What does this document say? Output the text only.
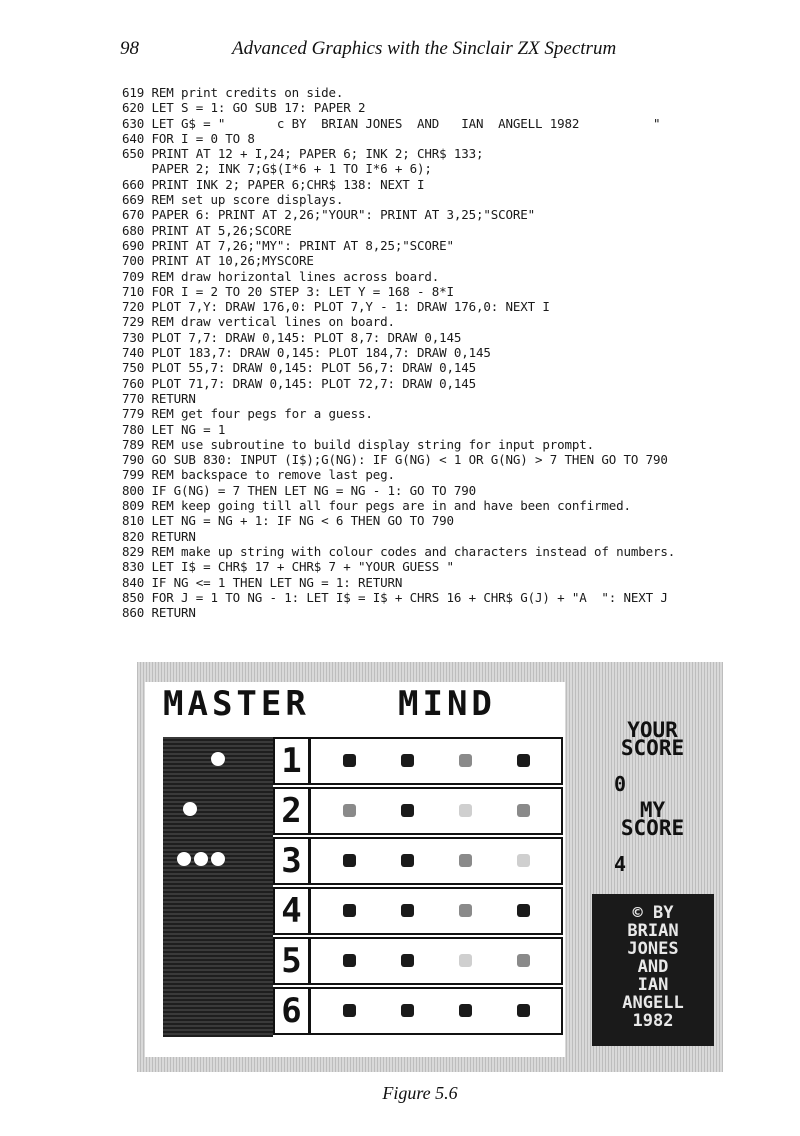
98	Advanced Graphics with the Sinclair ZX Spectrum
619 REM print credits on side.
620 LET S = 1: GO SUB 17: PAPER 2
630 LET G$ = "       c BY  BRIAN JONES  AND   IAN  ANGELL 1982          "
640 FOR I = 0 TO 8
650 PRINT AT 12 + I,24; PAPER 6; INK 2; CHR$ 133;
PAPER 2; INK 7;G$(I*6 + 1 TO I*6 + 6);
660 PRINT INK 2; PAPER 6;CHR$ 138: NEXT I
669 REM set up score displays.
670 PAPER 6: PRINT AT 2,26;"YOUR": PRINT AT 3,25;"SCORE"
680 PRINT AT 5,26;SCORE
690 PRINT AT 7,26;"MY": PRINT AT 8,25;"SCORE"
700 PRINT AT 10,26;MYSCORE
709 REM draw horizontal lines across board.
710 FOR I = 2 TO 20 STEP 3: LET Y = 168 - 8*I
720 PLOT 7,Y: DRAW 176,0: PLOT 7,Y - 1: DRAW 176,0: NEXT I
729 REM draw vertical lines on board.
730 PLOT 7,7: DRAW 0,145: PLOT 8,7: DRAW 0,145
740 PLOT 183,7: DRAW 0,145: PLOT 184,7: DRAW 0,145
750 PLOT 55,7: DRAW 0,145: PLOT 56,7: DRAW 0,145
760 PLOT 71,7: DRAW 0,145: PLOT 72,7: DRAW 0,145
770 RETURN
779 REM get four pegs for a guess.
780 LET NG = 1
789 REM use subroutine to build display string for input prompt.
790 GO SUB 830: INPUT (I$);G(NG): IF G(NG) < 1 OR G(NG) > 7 THEN GO TO 790
799 REM backspace to remove last peg.
800 IF G(NG) = 7 THEN LET NG = NG - 1: GO TO 790
809 REM keep going till all four pegs are in and have been confirmed.
810 LET NG = NG + 1: IF NG < 6 THEN GO TO 790
820 RETURN
829 REM make up string with colour codes and characters instead of numbers.
830 LET I$ = CHR$ 17 + CHR$ 7 + "YOUR GUESS "
840 IF NG <= 1 THEN LET NG = 1: RETURN
850 FOR J = 1 TO NG - 1: LET I$ = I$ + CHRS 16 + CHR$ G(J) + "A  ": NEXT J
860 RETURN
MASTER	MIND
1
2
3
4
5
6
YOUR
SCORE
0
MY
SCORE
4
© BY
BRIAN
JONES
AND
IAN
ANGELL
1982
Figure 5.6
